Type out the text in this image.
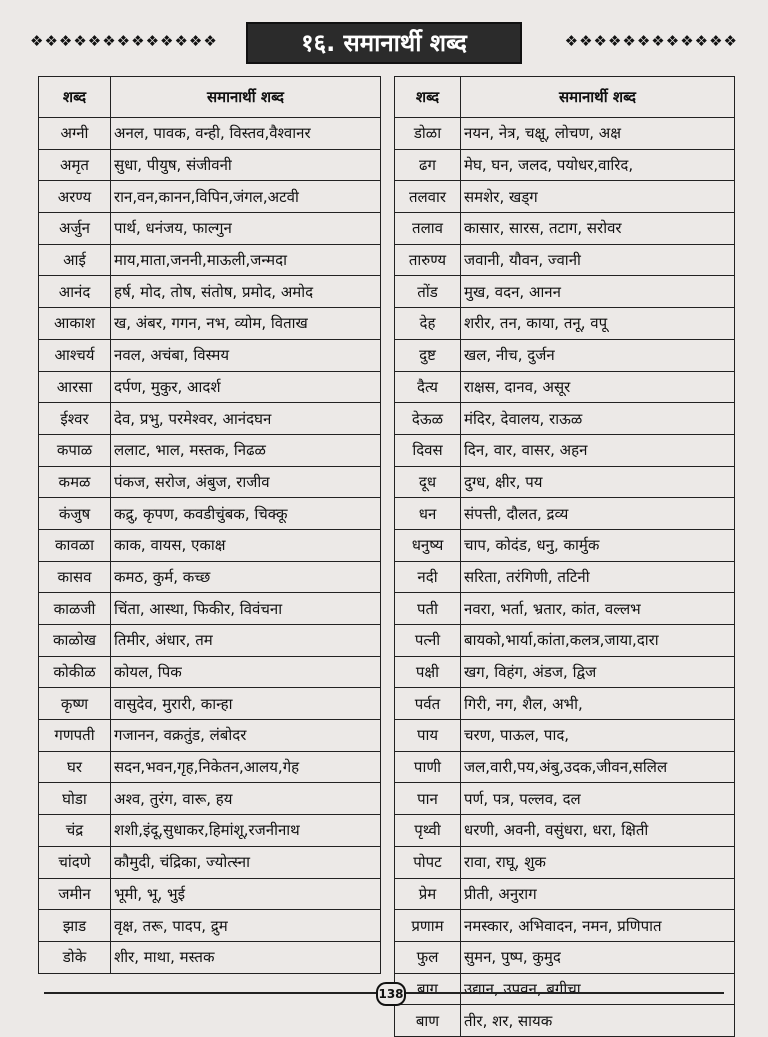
❖❖❖❖❖❖❖❖❖❖❖❖❖	१६. समानार्थी शब्द	❖❖❖❖❖❖❖❖❖❖❖❖
शब्द	समानार्थी शब्द
अग्नी	अनल, पावक, वन्ही, विस्तव,वैश्वानर
अमृत	सुधा, पीयुष, संजीवनी
अरण्य	रान,वन,कानन,विपिन,जंगल,अटवी
अर्जुन	पार्थ, धनंजय, फाल्गुन
आई	माय,माता,जननी,माऊली,जन्मदा
आनंद	हर्ष, मोद, तोष, संतोष, प्रमोद, अमोद
आकाश	ख, अंबर, गगन, नभ, व्योम, विताख
आश्चर्य	नवल, अचंबा, विस्मय
आरसा	दर्पण, मुकुर, आदर्श
ईश्वर	देव, प्रभु, परमेश्वर, आनंदघन
कपाळ	ललाट, भाल, मस्तक, निढळ
कमळ	पंकज, सरोज, अंबुज, राजीव
कंजुष	कद्रु, कृपण, कवडीचुंबक, चिक्कू
कावळा	काक, वायस, एकाक्ष
कासव	कमठ, कुर्म, कच्छ
काळजी	चिंता, आस्था, फिकीर, विवंचना
काळोख	तिमीर, अंधार, तम
कोकीळ	कोयल, पिक
कृष्ण	वासुदेव, मुरारी, कान्हा
गणपती	गजानन, वक्रतुंड, लंबोदर
घर	सदन,भवन,गृह,निकेतन,आलय,गेह
घोडा	अश्व, तुरंग, वारू, हय
चंद्र	शशी,इंदू,सुधाकर,हिमांशू,रजनीनाथ
चांदणे	कौमुदी, चंद्रिका, ज्योत्स्ना
जमीन	भूमी, भू, भुई
झाड	वृक्ष, तरू, पादप, द्रुम
डोके	शीर, माथा, मस्तक
शब्द	समानार्थी शब्द
डोळा	नयन, नेत्र, चक्षू, लोचण, अक्ष
ढग	मेघ, घन, जलद, पयोधर,वारिद,
तलवार	समशेर, खड्ग
तलाव	कासार, सारस, तटाग, सरोवर
तारुण्य	जवानी, यौवन, ज्वानी
तोंड	मुख, वदन, आनन
देह	शरीर, तन, काया, तनू, वपू
दुष्ट	खल, नीच, दुर्जन
दैत्य	राक्षस, दानव, असूर
देऊळ	मंदिर, देवालय, राऊळ
दिवस	दिन, वार, वासर, अहन
दूध	दुग्ध, क्षीर, पय
धन	संपत्ती, दौलत, द्रव्य
धनुष्य	चाप, कोदंड, धनु, कार्मुक
नदी	सरिता, तरंगिणी, तटिनी
पती	नवरा, भर्ता, भ्रतार, कांत, वल्लभ
पत्नी	बायको,भार्या,कांता,कलत्र,जाया,दारा
पक्षी	खग, विहंग, अंडज, द्विज
पर्वत	गिरी, नग, शैल, अभी,
पाय	चरण, पाऊल, पाद,
पाणी	जल,वारी,पय,अंबु,उदक,जीवन,सलिल
पान	पर्ण, पत्र, पल्लव, दल
पृथ्वी	धरणी, अवनी, वसुंधरा, धरा, क्षिती
पोपट	रावा, राघू, शुक
प्रेम	प्रीती, अनुराग
प्रणाम	नमस्कार, अभिवादन, नमन, प्रणिपात
फुल	सुमन, पुष्प, कुमुद
बाग	उद्यान, उपवन, बगीचा
बाण	तीर, शर, सायक
138
